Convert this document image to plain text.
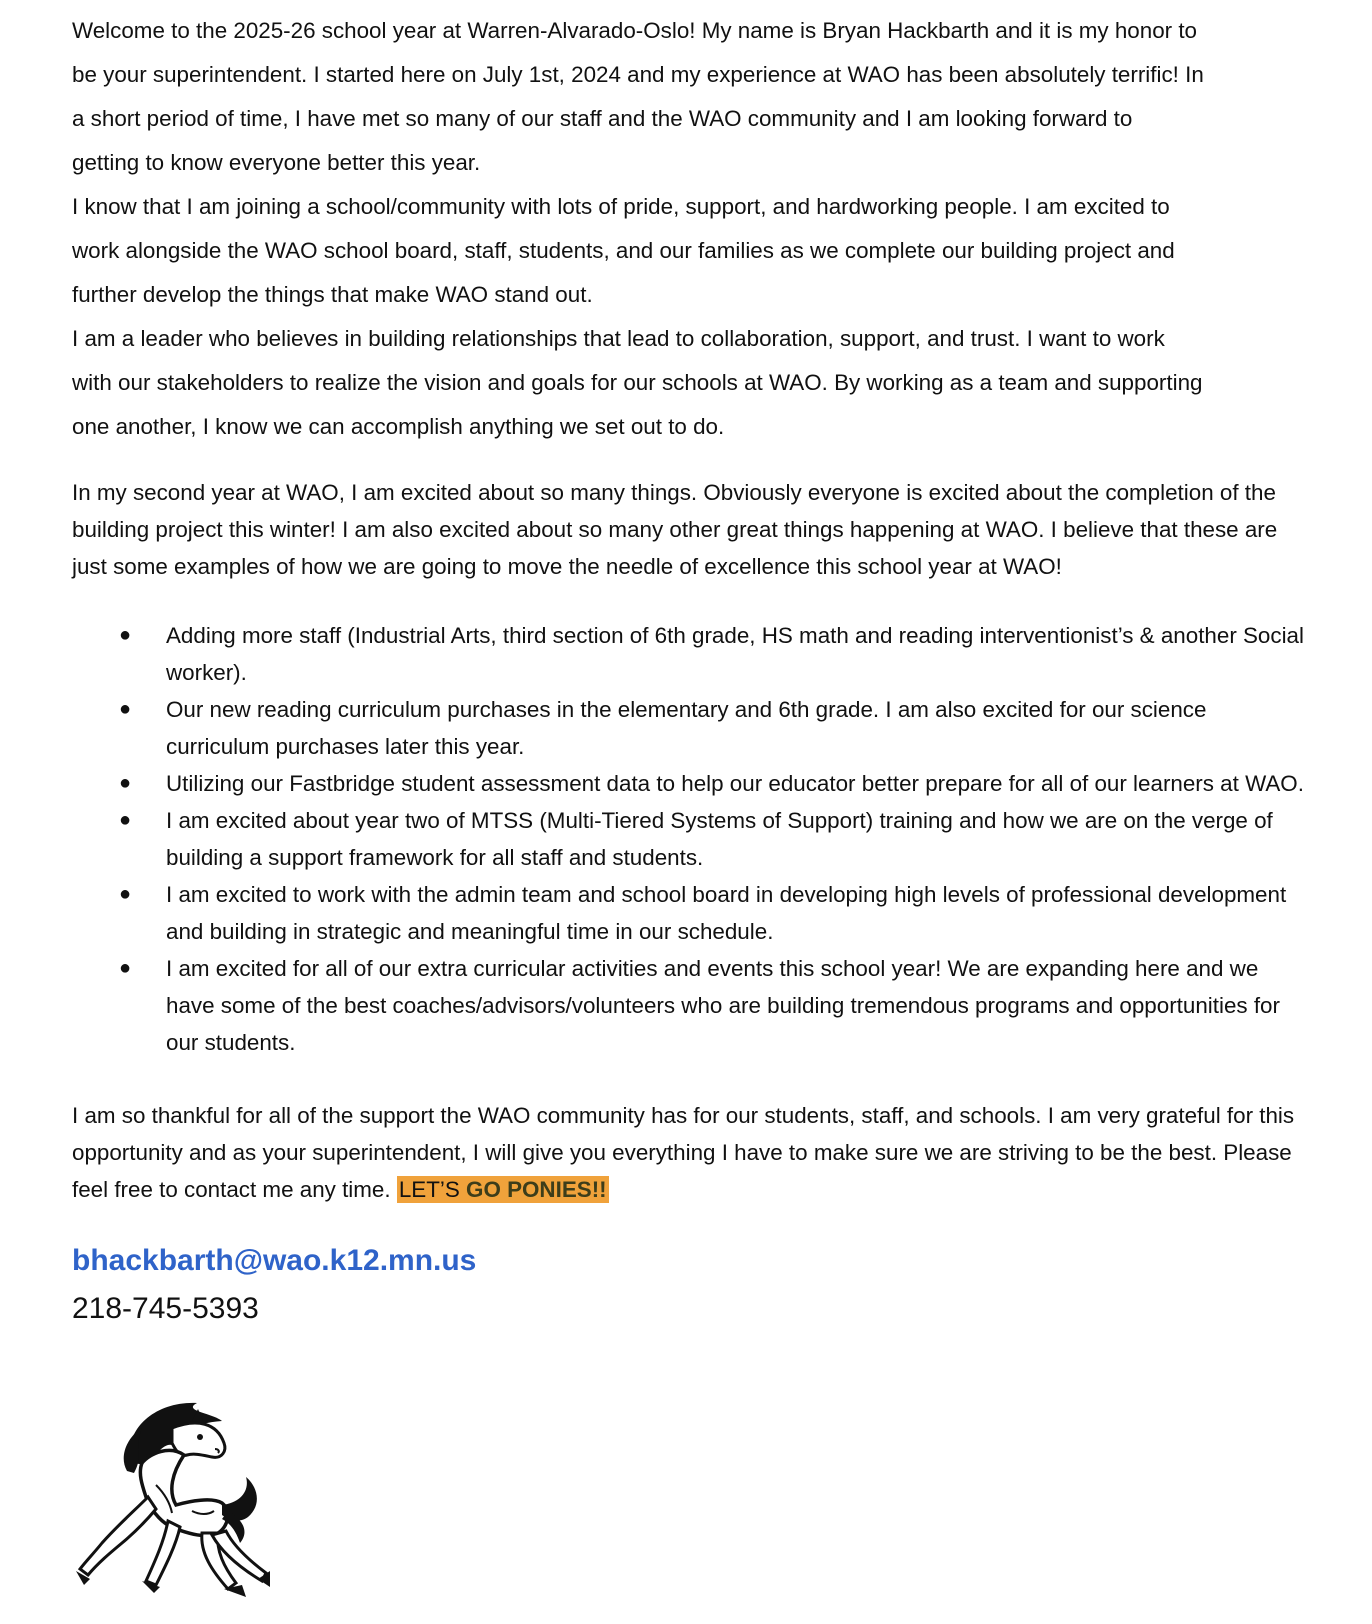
Welcome to the 2025-26 school year at Warren-Alvarado-Oslo! My name is Bryan Hackbarth and it is my honor to
be your superintendent. I started here on July 1st, 2024 and my experience at WAO has been absolutely terrific! In
a short period of time, I have met so many of our staff and the WAO community and I am looking forward to
getting to know everyone better this year.
I know that I am joining a school/community with lots of pride, support, and hardworking people. I am excited to
work alongside the WAO school board, staff, students, and our families as we complete our building project and
further develop the things that make WAO stand out.
I am a leader who believes in building relationships that lead to collaboration, support, and trust. I want to work
with our stakeholders to realize the vision and goals for our schools at WAO. By working as a team and supporting
one another, I know we can accomplish anything we set out to do.

In my second year at WAO, I am excited about so many things. Obviously everyone is excited about the completion of the building project this winter! I am also excited about so many other great things happening at WAO. I believe that these are just some examples of how we are going to move the needle of excellence this school year at WAO!

● Adding more staff (Industrial Arts, third section of 6th grade, HS math and reading interventionist’s & another Social worker).
● Our new reading curriculum purchases in the elementary and 6th grade. I am also excited for our science curriculum purchases later this year.
● Utilizing our Fastbridge student assessment data to help our educator better prepare for all of our learners at WAO.
● I am excited about year two of MTSS (Multi-Tiered Systems of Support) training and how we are on the verge of building a support framework for all staff and students.
● I am excited to work with the admin team and school board in developing high levels of professional development and building in strategic and meaningful time in our schedule.
● I am excited for all of our extra curricular activities and events this school year! We are expanding here and we have some of the best coaches/advisors/volunteers who are building tremendous programs and opportunities for our students.

I am so thankful for all of the support the WAO community has for our students, staff, and schools. I am very grateful for this opportunity and as your superintendent, I will give you everything I have to make sure we are striving to be the best. Please feel free to contact me any time. LET’S GO PONIES!!

bhackbarth@wao.k12.mn.us
218-745-5393
